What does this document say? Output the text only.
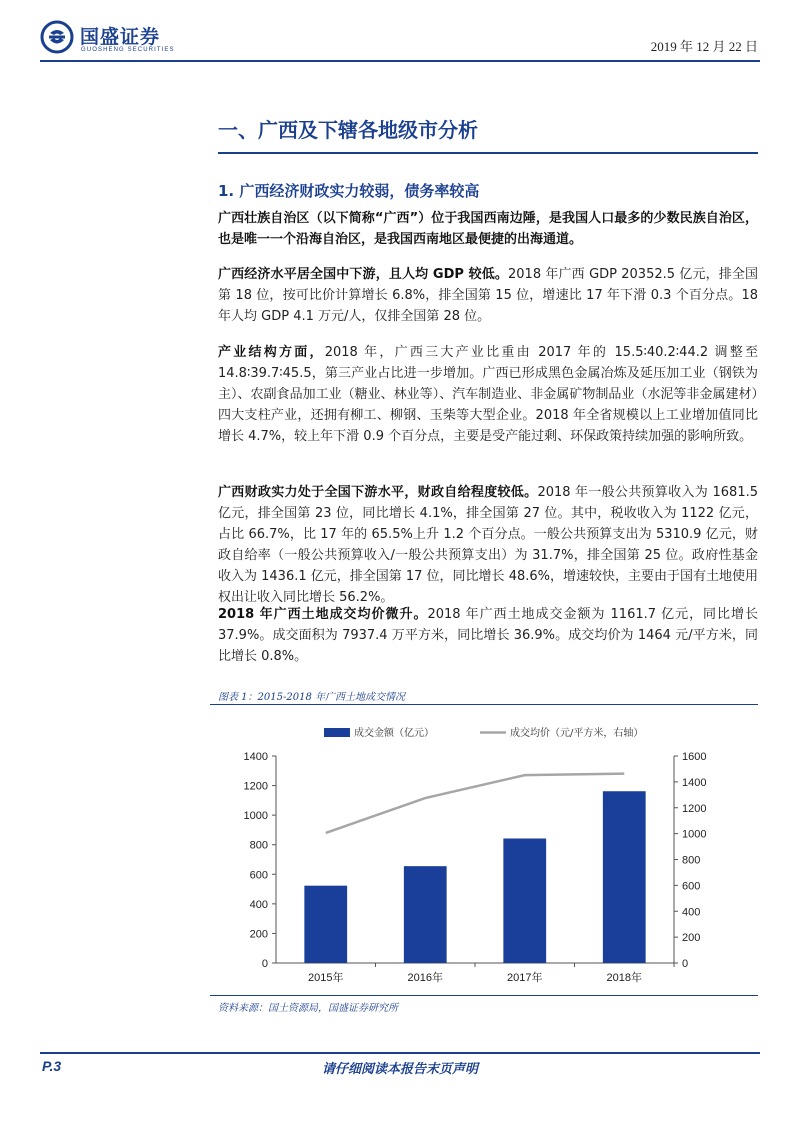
国盛证券
GUOSHENG SECURITIES	2019 年 12 月 22 日
一、广西及下辖各地级市分析
1. 广西经济财政实力较弱，债务率较高
广西壮族自治区（以下简称“广西”）位于我国西南边陲，是我国人口最多的少数民族自治区，也是唯一一个沿海自治区，是我国西南地区最便捷的出海通道。
广西经济水平居全国中下游，且人均 GDP 较低。2018 年广西 GDP 20352.5 亿元，排全国第 18 位，按可比价计算增长 6.8%，排全国第 15 位，增速比 17 年下滑 0.3 个百分点。18 年人均 GDP 4.1 万元/人，仅排全国第 28 位。
产业结构方面，2018 年，广西三大产业比重由 2017 年的 15.5∶40.2∶44.2 调整至 14.8∶39.7∶45.5，第三产业占比进一步增加。广西已形成黑色金属冶炼及延压加工业（钢铁为主）、农副食品加工业（糖业、林业等）、汽车制造业、非金属矿物制品业（水泥等非金属建材）四大支柱产业，还拥有柳工、柳钢、玉柴等大型企业。2018 年全省规模以上工业增加值同比增长 4.7%，较上年下滑 0.9 个百分点，主要是受产能过剩、环保政策持续加强的影响所致。
广西财政实力处于全国下游水平，财政自给程度较低。2018 年一般公共预算收入为 1681.5 亿元，排全国第 23 位，同比增长 4.1%，排全国第 27 位。其中，税收收入为 1122 亿元，占比 66.7%，比 17 年的 65.5%上升 1.2 个百分点。一般公共预算支出为 5310.9 亿元，财政自给率（一般公共预算收入/一般公共预算支出）为 31.7%，排全国第 25 位。政府性基金收入为 1436.1 亿元，排全国第 17 位，同比增长 48.6%，增速较快，主要由于国有土地使用权出让收入同比增长 56.2%。
2018 年广西土地成交均价微升。2018 年广西土地成交金额为 1161.7 亿元，同比增长 37.9%。成交面积为 7937.4 万平方米，同比增长 36.9%。成交均价为 1464 元/平方米，同比增长 0.8%。
图表 1：2015-2018 年广西土地成交情况
成交金额（亿元）	成交均价（元/平方米，右轴）
0
200
400
600
800
1000
1200
1400
0
200
400
600
800
1000
1200
1400
1600
2015年	2016年	2017年	2018年
资料来源：国土资源局，国盛证券研究所
P.3	请仔细阅读本报告末页声明
